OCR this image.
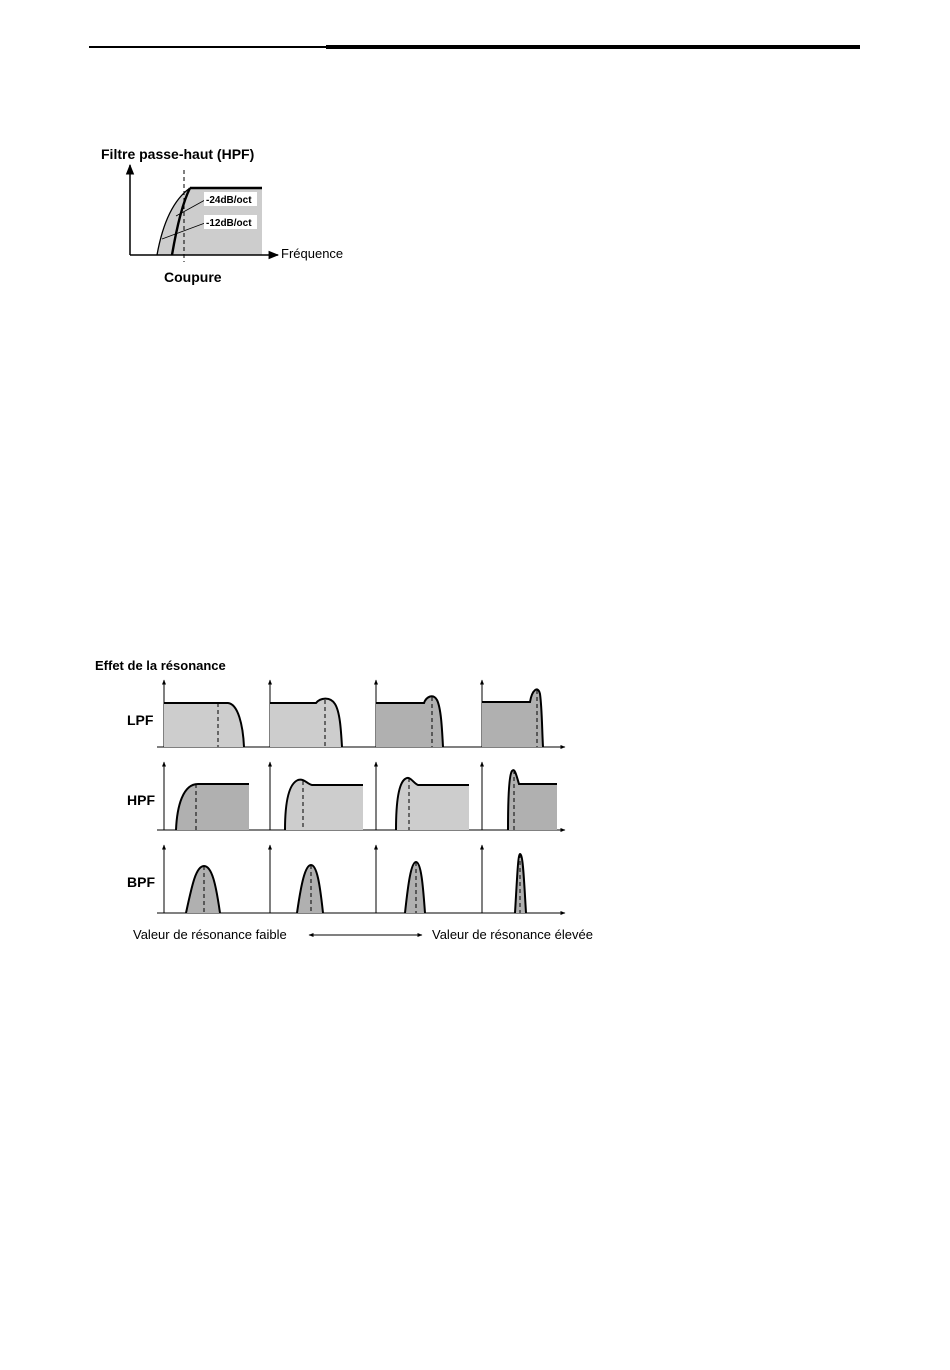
Filtre passe-haut (HPF)
-24dB/oct
-12dB/oct
Fréquence
Coupure
Effet de la résonance
LPF
HPF
BPF
Valeur de résonance faible	Valeur de résonance élevée
